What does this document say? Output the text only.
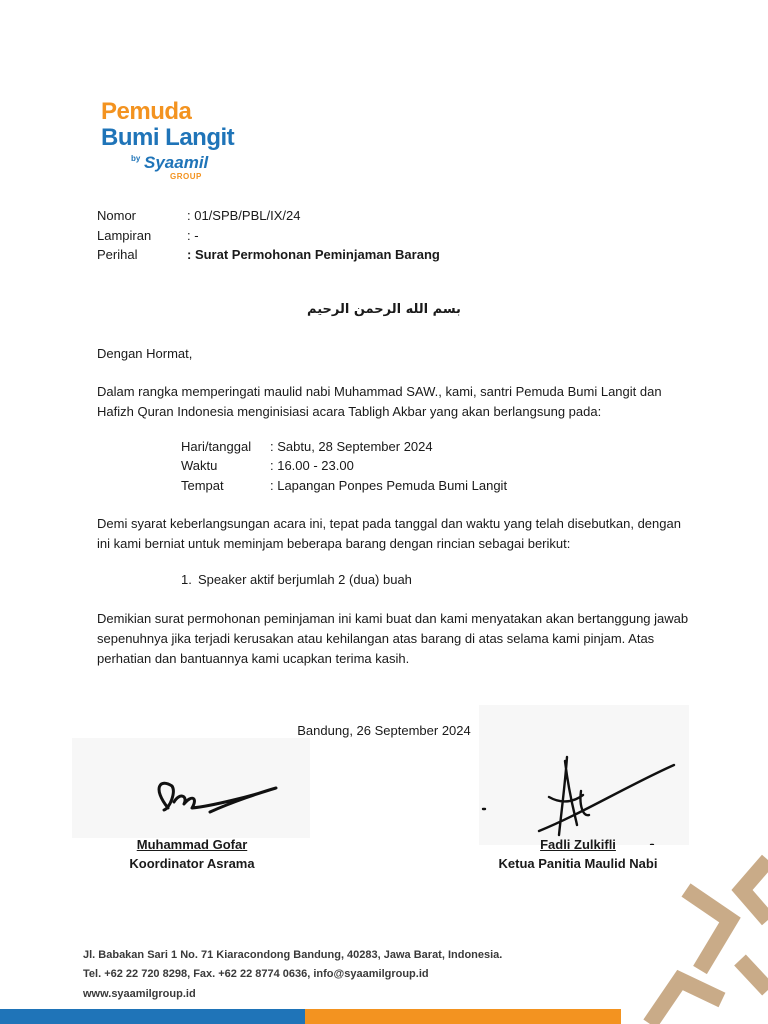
Pemuda
Bumi Langit
by Syaamil
GROUP
Nomor	: 01/SPB/PBL/IX/24
Lampiran	: -
Perihal	: Surat Permohonan Peminjaman Barang
بسم الله الرحمن الرحيم
Dengan Hormat,
Dalam rangka memperingati maulid nabi Muhammad SAW., kami, santri Pemuda Bumi Langit dan Hafizh Quran Indonesia menginisiasi acara Tabligh Akbar yang akan berlangsung pada:
Hari/tanggal : Sabtu, 28 September 2024
Waktu	: 16.00 - 23.00
Tempat	: Lapangan Ponpes Pemuda Bumi Langit
Demi syarat keberlangsungan acara ini, tepat pada tanggal dan waktu yang telah disebutkan, dengan ini kami berniat untuk meminjam beberapa barang dengan rincian sebagai berikut:
1. Speaker aktif berjumlah 2 (dua) buah
Demikian surat permohonan peminjaman ini kami buat dan kami menyatakan akan bertanggung jawab sepenuhnya jika terjadi kerusakan atau kehilangan atas barang di atas selama kami pinjam. Atas perhatian dan bantuannya kami ucapkan terima kasih.
Bandung, 26 September 2024
Muhammad Gofar
Koordinator Asrama
Fadli Zulkifli
Ketua Panitia Maulid Nabi
Jl. Babakan Sari 1 No. 71 Kiaracondong Bandung, 40283, Jawa Barat, Indonesia.
Tel. +62 22 720 8298, Fax. +62 22 8774 0636, info@syaamilgroup.id
www.syaamilgroup.id
